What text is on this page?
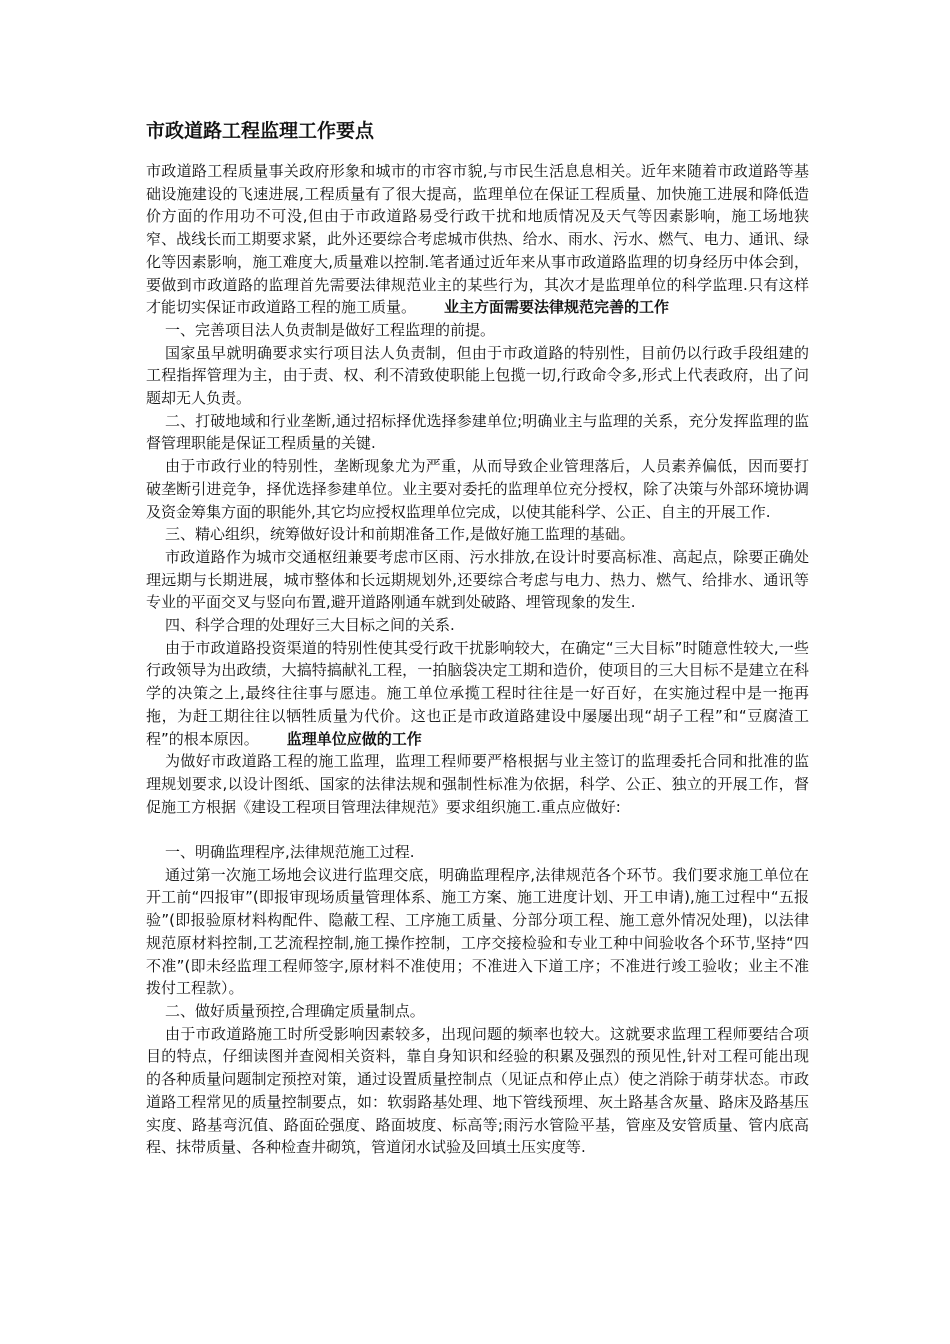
市政道路工程监理工作要点

市政道路工程质量事关政府形象和城市的市容市貌,与市民生活息息相关。近年来随着市政道路等基础设施建设的飞速进展,工程质量有了很大提高，监理单位在保证工程质量、加快施工进展和降低造价方面的作用功不可没,但由于市政道路易受行政干扰和地质情况及天气等因素影响，施工场地狭窄、战线长而工期要求紧，此外还要综合考虑城市供热、给水、雨水、污水、燃气、电力、通讯、绿化等因素影响，施工难度大,质量难以控制.笔者通过近年来从事市政道路监理的切身经历中体会到，要做到市政道路的监理首先需要法律规范业主的某些行为，其次才是监理单位的科学监理.只有这样才能切实保证市政道路工程的施工质量。 业主方面需要法律规范完善的工作

一、完善项目法人负责制是做好工程监理的前提。

国家虽早就明确要求实行项目法人负责制，但由于市政道路的特别性，目前仍以行政手段组建的工程指挥管理为主，由于责、权、利不清致使职能上包揽一切,行政命令多,形式上代表政府，出了问题却无人负责。

二、打破地域和行业垄断,通过招标择优选择参建单位;明确业主与监理的关系，充分发挥监理的监督管理职能是保证工程质量的关键.

由于市政行业的特别性，垄断现象尤为严重，从而导致企业管理落后，人员素养偏低，因而要打破垄断引进竞争，择优选择参建单位。业主要对委托的监理单位充分授权，除了决策与外部环境协调及资金筹集方面的职能外,其它均应授权监理单位完成，以使其能科学、公正、自主的开展工作.

三、精心组织，统筹做好设计和前期准备工作,是做好施工监理的基础。

市政道路作为城市交通枢纽兼要考虑市区雨、污水排放,在设计时要高标准、高起点，除要正确处理远期与长期进展，城市整体和长远期规划外,还要综合考虑与电力、热力、燃气、给排水、通讯等专业的平面交叉与竖向布置,避开道路刚通车就到处破路、埋管现象的发生.

四、科学合理的处理好三大目标之间的关系.

由于市政道路投资渠道的特别性使其受行政干扰影响较大，在确定“三大目标”时随意性较大,一些行政领导为出政绩，大搞特搞献礼工程，一拍脑袋决定工期和造价，使项目的三大目标不是建立在科学的决策之上,最终往往事与愿违。施工单位承揽工程时往往是一好百好，在实施过程中是一拖再拖，为赶工期往往以牺牲质量为代价。这也正是市政道路建设中屡屡出现“胡子工程”和“豆腐渣工程”的根本原因。 监理单位应做的工作

为做好市政道路工程的施工监理，监理工程师要严格根据与业主签订的监理委托合同和批准的监理规划要求,以设计图纸、国家的法律法规和强制性标准为依据，科学、公正、独立的开展工作，督促施工方根据《建设工程项目管理法律规范》要求组织施工.重点应做好:

一、明确监理程序,法律规范施工过程.

通过第一次施工场地会议进行监理交底，明确监理程序,法律规范各个环节。我们要求施工单位在开工前“四报审”(即报审现场质量管理体系、施工方案、施工进度计划、开工申请),施工过程中“五报验”(即报验原材料构配件、隐蔽工程、工序施工质量、分部分项工程、施工意外情况处理)，以法律规范原材料控制,工艺流程控制,施工操作控制，工序交接检验和专业工种中间验收各个环节,坚持“四不准”(即未经监理工程师签字,原材料不准使用；不准进入下道工序；不准进行竣工验收；业主不准拨付工程款）。

二、做好质量预控,合理确定质量制点。

由于市政道路施工时所受影响因素较多，出现问题的频率也较大。这就要求监理工程师要结合项目的特点，仔细读图并查阅相关资料，靠自身知识和经验的积累及强烈的预见性,针对工程可能出现的各种质量问题制定预控对策，通过设置质量控制点（见证点和停止点）使之消除于萌芽状态。市政道路工程常见的质量控制要点，如：软弱路基处理、地下管线预埋、灰土路基含灰量、路床及路基压实度、路基弯沉值、路面砼强度、路面坡度、标高等;雨污水管险平基，管座及安管质量、管内底高程、抹带质量、各种检查井砌筑，管道闭水试验及回填土压实度等.
